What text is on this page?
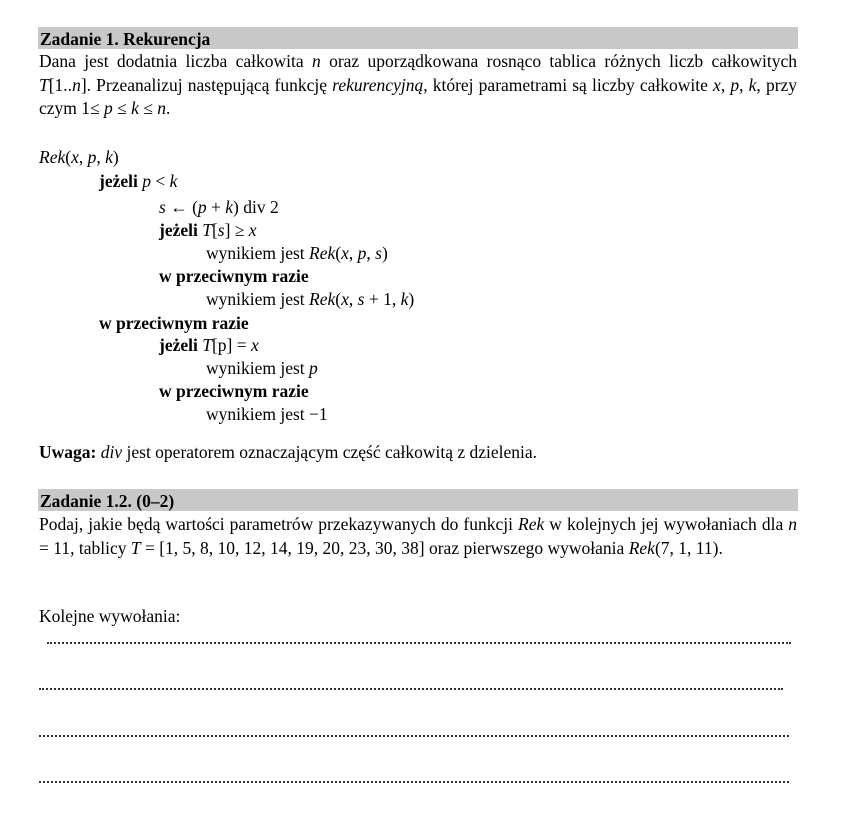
Zadanie 1. Rekurencja
Dana jest dodatnia liczba całkowita n oraz uporządkowana rosnąco tablica różnych liczb całkowitych T[1..n]. Przeanalizuj następującą funkcję rekurencyjną, której parametrami są liczby całkowite x, p, k, przy czym 1≤ p ≤ k ≤ n.
Rek(x, p, k)
jeżeli p < k
s ← (p + k) div 2
jeżeli T[s] ≥ x
wynikiem jest Rek(x, p, s)
w przeciwnym razie
wynikiem jest Rek(x, s + 1, k)
w przeciwnym razie
jeżeli T[p] = x
wynikiem jest p
w przeciwnym razie
wynikiem jest −1
Uwaga: div jest operatorem oznaczającym część całkowitą z dzielenia.
Zadanie 1.2. (0–2)
Podaj, jakie będą wartości parametrów przekazywanych do funkcji Rek w kolejnych jej wywołaniach dla n = 11, tablicy T = [1, 5, 8, 10, 12, 14, 19, 20, 23, 30, 38] oraz pierwszego wywołania Rek(7, 1, 11).
Kolejne wywołania:
